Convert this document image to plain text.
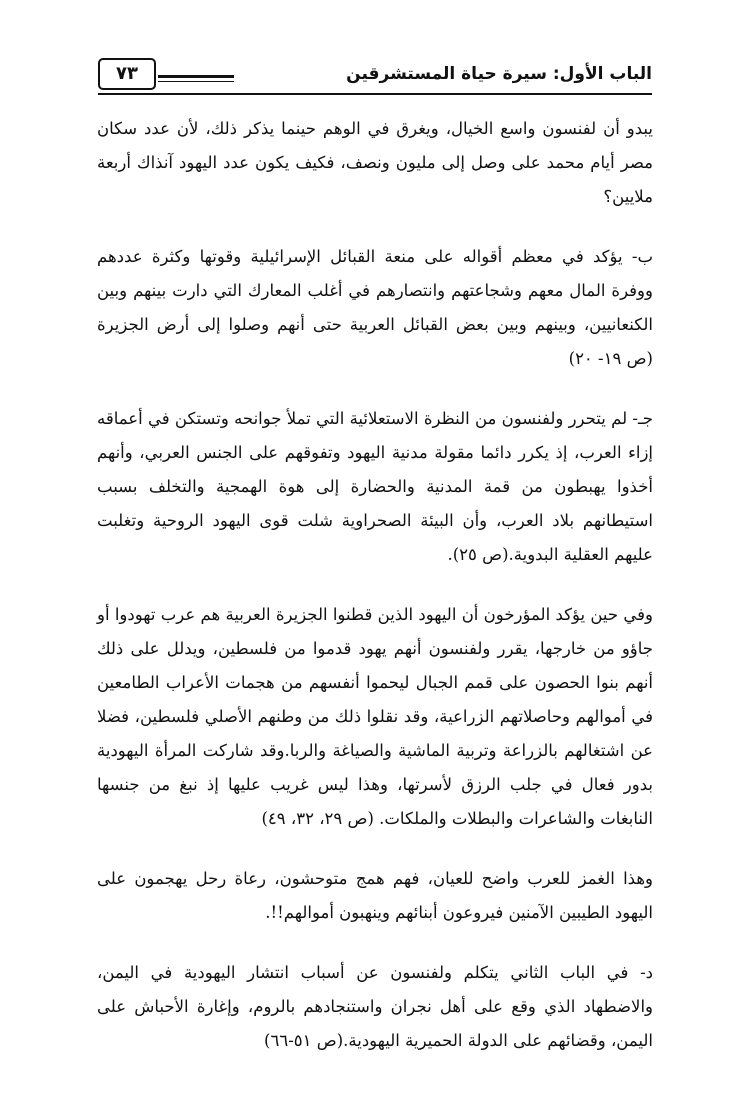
الباب الأول: سيرة حياة المستشرقين
٧٣

يبدو أن لفنسون واسع الخيال، ويغرق في الوهم حينما يذكر ذلك، لأن عدد سكان مصر أيام محمد على وصل إلى مليون ونصف، فكيف يكون عدد اليهود آنذاك أربعة ملايين؟

ب- يؤكد في معظم أقواله على منعة القبائل الإسرائيلية وقوتها وكثرة عددهم ووفرة المال معهم وشجاعتهم وانتصارهم في أغلب المعارك التي دارت بينهم وبين الكنعانيين، وبينهم وبين بعض القبائل العربية حتى أنهم وصلوا إلى أرض الجزيرة (ص ١٩- ٢٠)

جـ- لم يتحرر ولفنسون من النظرة الاستعلائية التي تملأ جوانحه وتستكن في أعماقه إزاء العرب، إذ يكرر دائما مقولة مدنية اليهود وتفوقهم على الجنس العربي، وأنهم أخذوا يهبطون من قمة المدنية والحضارة إلى هوة الهمجية والتخلف بسبب استيطانهم بلاد العرب، وأن البيئة الصحراوية شلت قوى اليهود الروحية وتغلبت عليهم العقلية البدوية.(ص ٢٥).

وفي حين يؤكد المؤرخون أن اليهود الذين قطنوا الجزيرة العربية هم عرب تهودوا أو جاؤو من خارجها، يقرر ولفنسون أنهم يهود قدموا من فلسطين، ويدلل على ذلك أنهم بنوا الحصون على قمم الجبال ليحموا أنفسهم من هجمات الأعراب الطامعين في أموالهم وحاصلاتهم الزراعية، وقد نقلوا ذلك من وطنهم الأصلي فلسطين، فضلا عن اشتغالهم بالزراعة وتربية الماشية والصياغة والربا.وقد شاركت المرأة اليهودية بدور فعال في جلب الرزق لأسرتها، وهذا ليس غريب عليها إذ نبغ من جنسها النابغات والشاعرات والبطلات والملكات. (ص ٢٩، ٣٢، ٤٩)

وهذا الغمز للعرب واضح للعيان، فهم همج متوحشون، رعاة رحل يهجمون على اليهود الطيبين الآمنين فيروعون أبنائهم وينهبون أموالهم!!.

د- في الباب الثاني يتكلم ولفنسون عن أسباب انتشار اليهودية في اليمن، والاضطهاد الذي وقع على أهل نجران واستنجادهم بالروم، وإغارة الأحباش على اليمن، وقضائهم على الدولة الحميرية اليهودية.(ص ٥١-٦٦)
